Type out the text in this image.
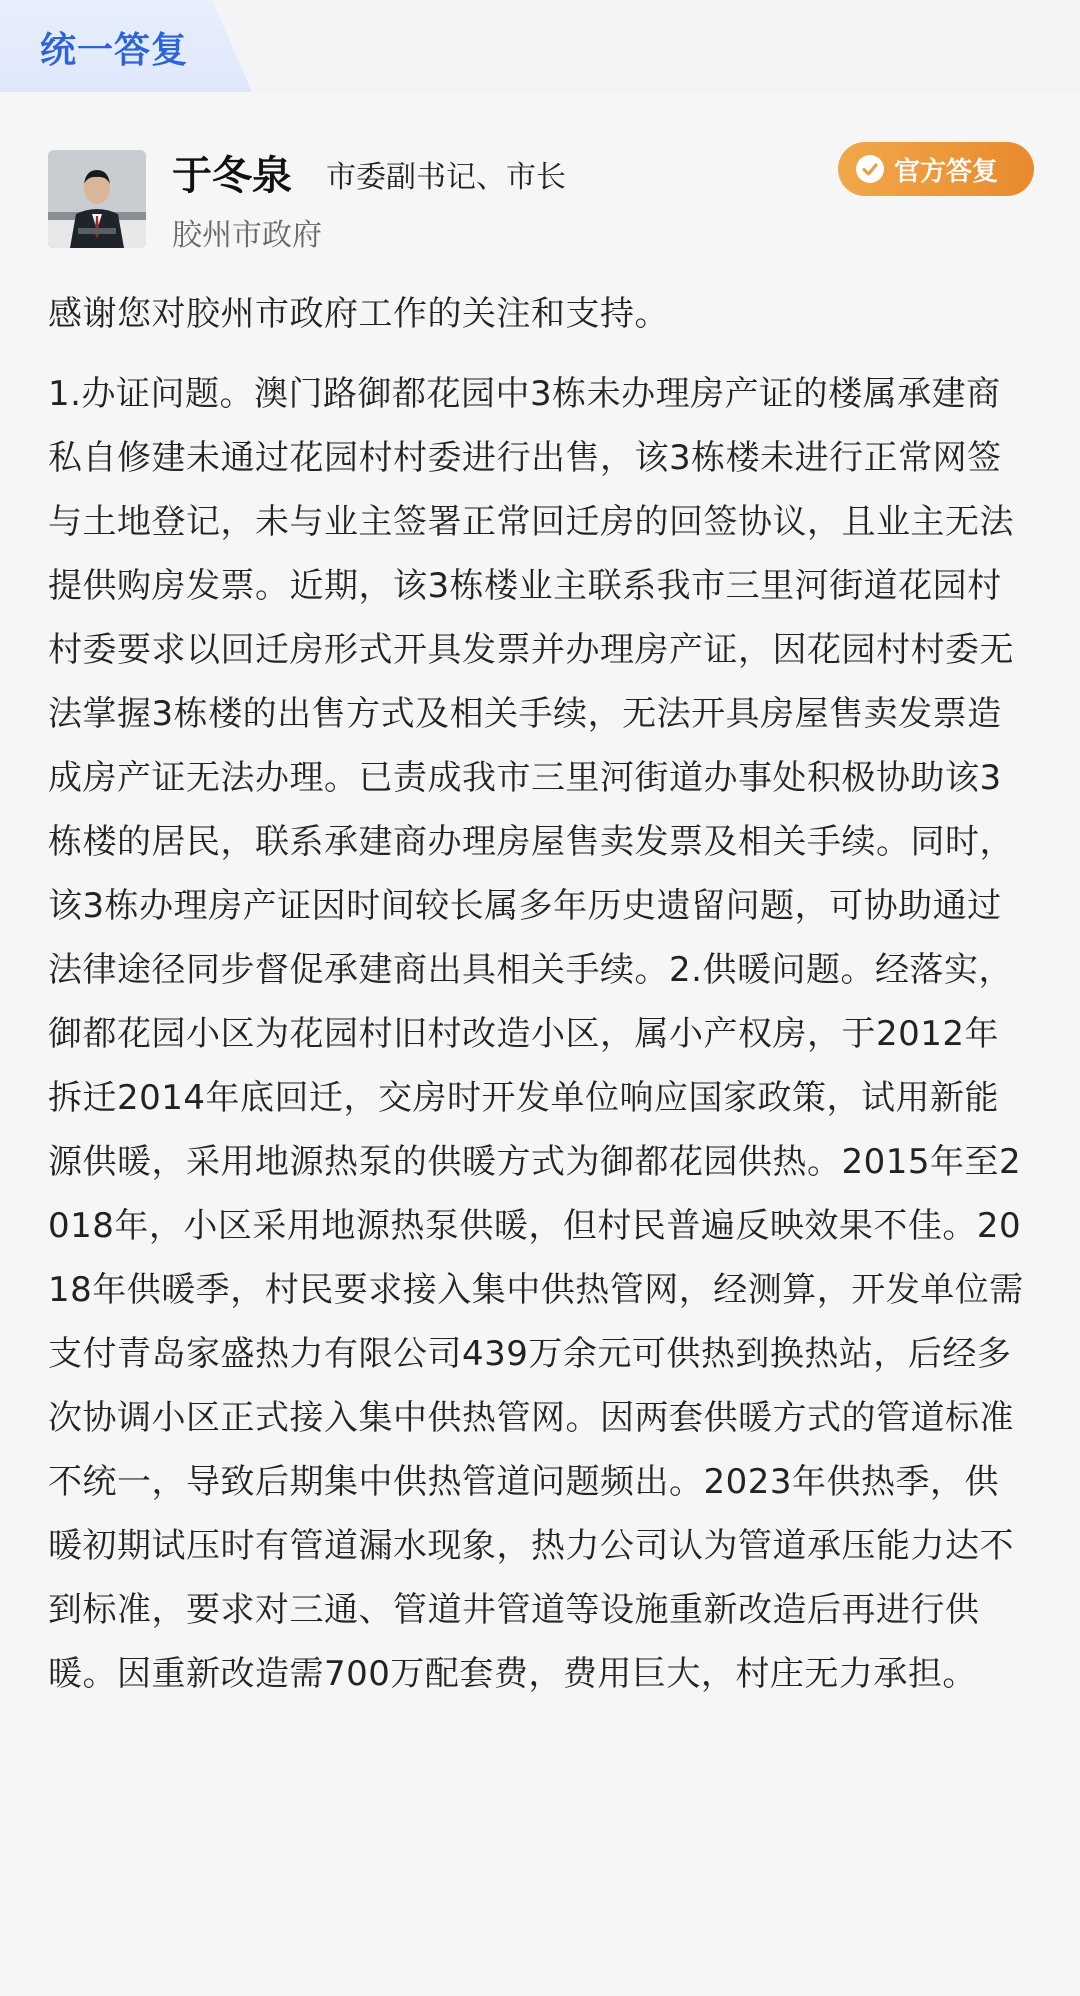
统一答复
于冬泉 市委副书记、市长
胶州市政府
官方答复

感谢您对胶州市政府工作的关注和支持。

1.办证问题。澳门路御都花园中3栋未办理房产证的楼属承建商私自修建未通过花园村村委进行出售，该3栋楼未进行正常网签与土地登记，未与业主签署正常回迁房的回签协议，且业主无法提供购房发票。近期，该3栋楼业主联系我市三里河街道花园村村委要求以回迁房形式开具发票并办理房产证，因花园村村委无法掌握3栋楼的出售方式及相关手续，无法开具房屋售卖发票造成房产证无法办理。已责成我市三里河街道办事处积极协助该3栋楼的居民，联系承建商办理房屋售卖发票及相关手续。同时，该3栋办理房产证因时间较长属多年历史遗留问题，可协助通过法律途径同步督促承建商出具相关手续。2.供暖问题。经落实，御都花园小区为花园村旧村改造小区，属小产权房，于2012年拆迁2014年底回迁，交房时开发单位响应国家政策，试用新能源供暖，采用地源热泵的供暖方式为御都花园供热。2015年至2018年，小区采用地源热泵供暖，但村民普遍反映效果不佳。2018年供暖季，村民要求接入集中供热管网，经测算，开发单位需支付青岛家盛热力有限公司439万余元可供热到换热站，后经多次协调小区正式接入集中供热管网。因两套供暖方式的管道标准不统一，导致后期集中供热管道问题频出。2023年供热季，供暖初期试压时有管道漏水现象，热力公司认为管道承压能力达不到标准，要求对三通、管道井管道等设施重新改造后再进行供暖。因重新改造需700万配套费，费用巨大，村庄无力承担。
